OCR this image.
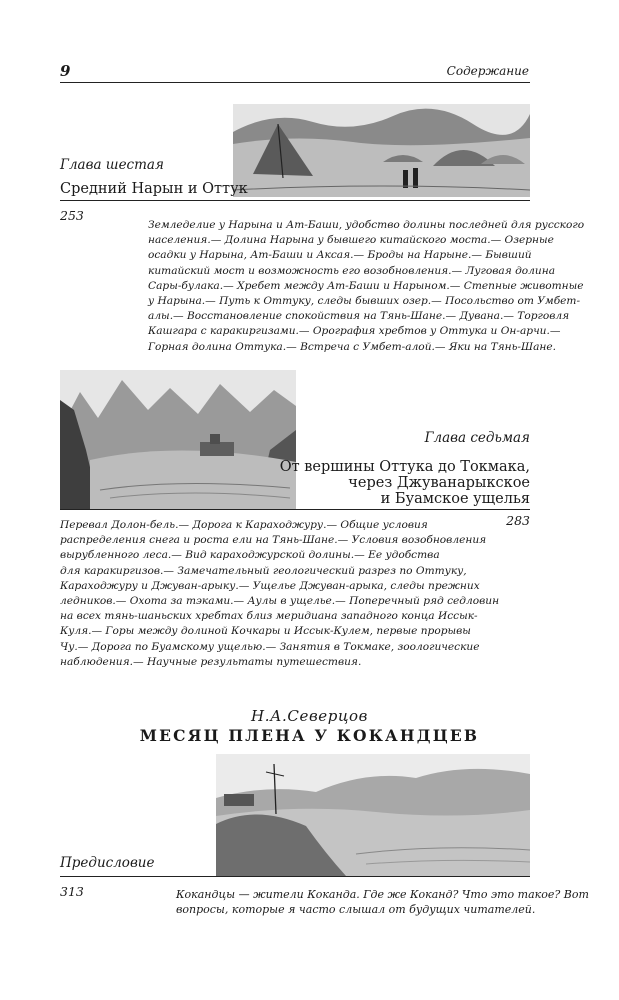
9	Содержание
Глава шестая
Средний Нарын и Оттук
253
Земледелие у Нарына и Ат-Баши, удобство долины последней для русского
населения.— Долина Нарына у бывшего китайского моста.— Озерные
осадки у Нарына, Ат-Баши и Аксая.— Броды на Нарыне.— Бывший
китайский мост и возможность его возобновления.— Луговая долина
Сары-булака.— Хребет между Ат-Баши и Нарыном.— Степные животные
у Нарына.— Путь к Оттуку, следы бывших озер.— Посольство от Умбет-
алы.— Восстановление спокойствия на Тянь-Шане.— Дувана.— Торговля
Кашгара с каракиргизами.— Орография хребтов у Оттука и Он-арчи.—
Горная долина Оттука.— Встреча с Умбет-алой.— Яки на Тянь-Шане.
Глава седьмая
От вершины Оттука до Токмака,
через Джуванарыкское
и Буамское ущелья
283
Перевал Долон-бель.— Дорога к Караходжуру.— Общие условия
распределения снега и роста ели на Тянь-Шане.— Условия возобновления
вырубленного леса.— Вид караходжурской долины.— Ее удобства
для каракиргизов.— Замечательный геологический разрез по Оттуку,
Караходжуру и Джуван-арыку.— Ущелье Джуван-арыка, следы прежних
ледников.— Охота за тэками.— Аулы в ущелье.— Поперечный ряд седловин
на всех тянь-шаньских хребтах близ меридиана западного конца Иссык-
Куля.— Горы между долиной Кочкары и Иссык-Кулем, первые прорывы
Чу.— Дорога по Буамскому ущелью.— Занятия в Токмаке, зоологические
наблюдения.— Научные результаты путешествия.
Н.А.Северцов
МЕСЯЦ ПЛЕНА У КОКАНДЦЕВ
Предисловие
313	Кокандцы — жители Коканда. Где же Коканд? Что это такое? Вот
вопросы, которые я часто слышал от будущих читателей.
